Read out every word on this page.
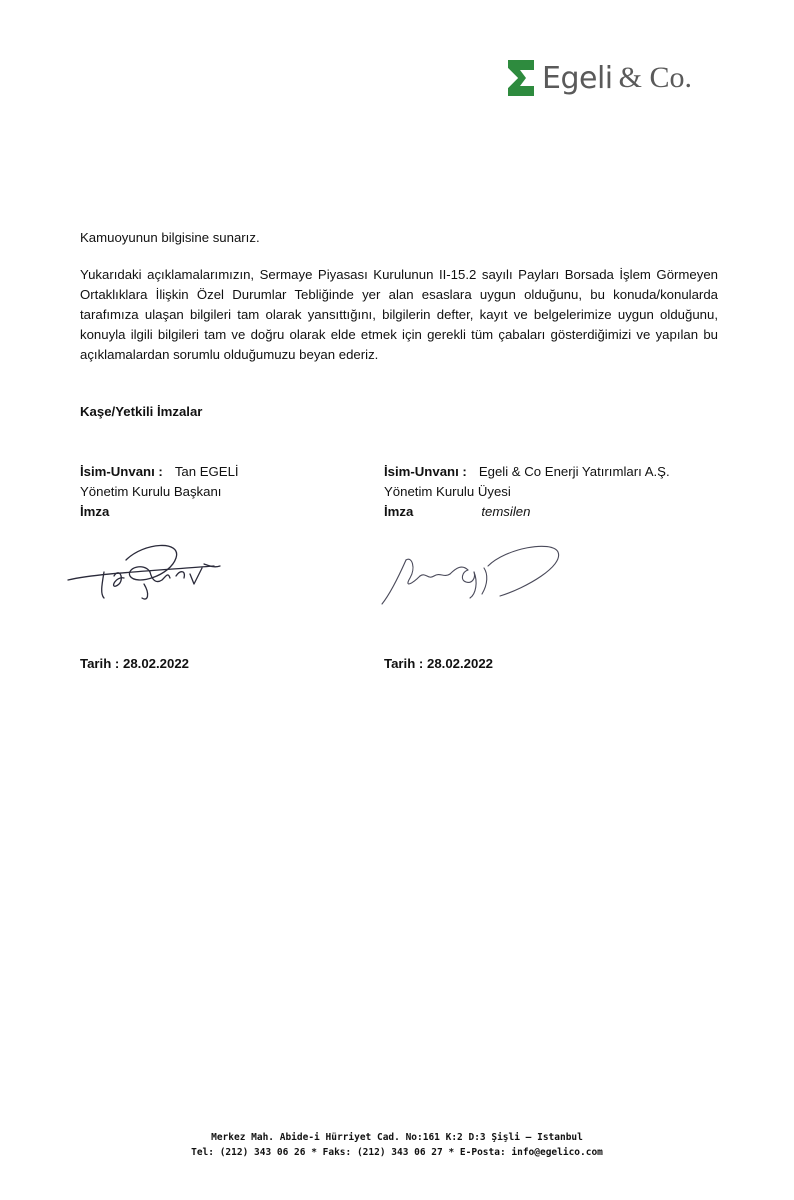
Egeli & Co.
Kamuoyunun bilgisine sunarız.
Yukarıdaki açıklamalarımızın, Sermaye Piyasası Kurulunun II-15.2 sayılı Payları Borsada İşlem Görmeyen Ortaklıklara İlişkin Özel Durumlar Tebliğinde yer alan esaslara uygun olduğunu, bu konuda/konularda tarafımıza ulaşan bilgileri tam olarak yansıttığını, bilgilerin defter, kayıt ve belgelerimize uygun olduğunu, konuyla ilgili bilgileri tam ve doğru olarak elde etmek için gerekli tüm çabaları gösterdiğimizi ve yapılan bu açıklamalardan sorumlu olduğumuzu beyan ederiz.
Kaşe/Yetkili İmzalar
İsim-Unvanı : Tan EGELİ
Yönetim Kurulu Başkanı
İmza
İsim-Unvanı : Egeli & Co Enerji Yatırımları A.Ş.
Yönetim Kurulu Üyesi
İmza	temsilen
Tarih : 28.02.2022	Tarih : 28.02.2022
Merkez Mah. Abide-i Hürriyet Cad. No:161 K:2 D:3 Şişli – Istanbul
Tel: (212) 343 06 26 * Faks: (212) 343 06 27 * E-Posta: info@egelico.com
